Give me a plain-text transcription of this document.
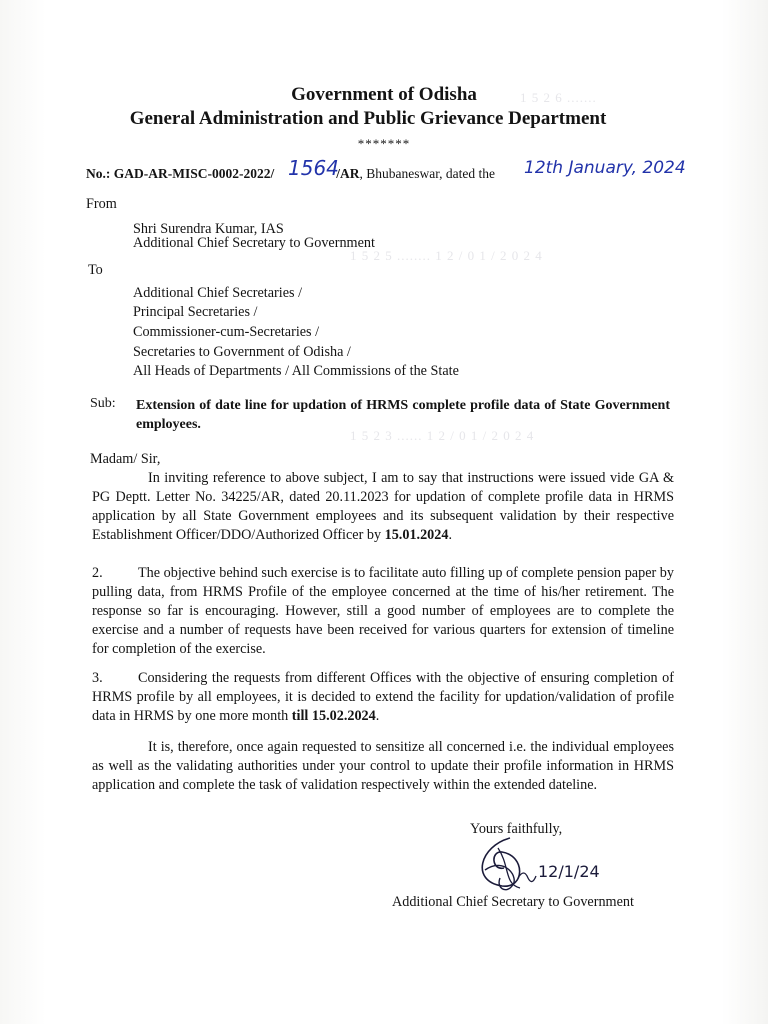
1 5 2 6 .......
1 5 2 5 ........ 1 2 / 0 1 / 2 0 2 4
1 5 2 3 ...... 1 2 / 0 1 / 2 0 2 4
Government of Odisha
General Administration and Public Grievance Department
*******
No.: GAD-AR-MISC-0002-2022/	/AR, Bhubaneswar, dated the
1564	12th January, 2024
From
Shri Surendra Kumar, IAS
Additional Chief Secretary to Government
To
Additional Chief Secretaries /
Principal Secretaries /
Commissioner-cum-Secretaries /
Secretaries to Government of Odisha /
All Heads of Departments / All Commissions of the State
Sub: Extension of date line for updation of HRMS complete profile data of State Government employees.
Madam/ Sir,
In inviting reference to above subject, I am to say that instructions were issued vide GA & PG Deptt. Letter No. 34225/AR, dated 20.11.2023 for updation of complete profile data in HRMS application by all State Government employees and its subsequent validation by their respective Establishment Officer/DDO/Authorized Officer by 15.01.2024.
2. The objective behind such exercise is to facilitate auto filling up of complete pension paper by pulling data, from HRMS Profile of the employee concerned at the time of his/her retirement. The response so far is encouraging. However, still a good number of employees are to complete the exercise and a number of requests have been received for various quarters for extension of timeline for completion of the exercise.
3. Considering the requests from different Offices with the objective of ensuring completion of HRMS profile by all employees, it is decided to extend the facility for updation/validation of profile data in HRMS by one more month till 15.02.2024.
It is, therefore, once again requested to sensitize all concerned i.e. the individual employees as well as the validating authorities under your control to update their profile information in HRMS application and complete the task of validation respectively within the extended dateline.
Yours faithfully,
12/1/24
Additional Chief Secretary to Government
